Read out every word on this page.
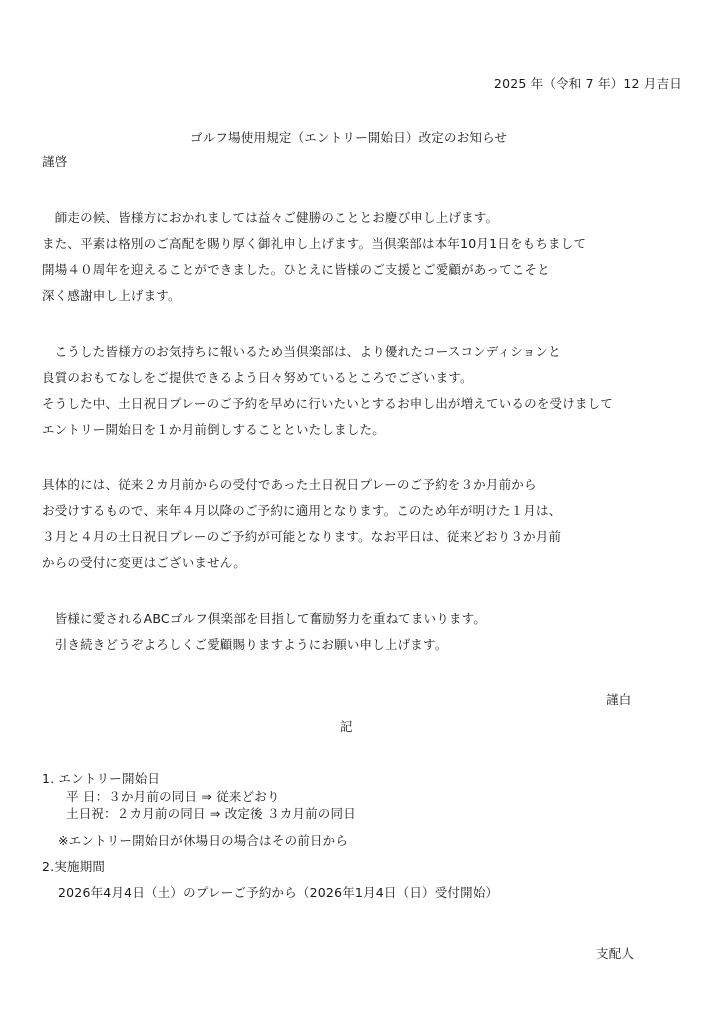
2025 年（令和 7 年）12 月吉日
ゴルフ場使用規定（エントリー開始日）改定のお知らせ
謹啓
　師走の候、皆様方におかれましては益々ご健勝のこととお慶び申し上げます。
また、平素は格別のご高配を賜り厚く御礼申し上げます。当倶楽部は本年10月1日をもちまして
開場４０周年を迎えることができました。ひとえに皆様のご支援とご愛顧があってこそと
深く感謝申し上げます。
　こうした皆様方のお気持ちに報いるため当倶楽部は、より優れたコースコンディションと
良質のおもてなしをご提供できるよう日々努めているところでございます。
そうした中、土日祝日プレーのご予約を早めに行いたいとするお申し出が増えているのを受けまして
エントリー開始日を１か月前倒しすることといたしました。
具体的には、従来２カ月前からの受付であった土日祝日プレーのご予約を３か月前から
お受けするもので、来年４月以降のご予約に適用となります。このため年が明けた１月は、
３月と４月の土日祝日プレーのご予約が可能となります。なお平日は、従来どおり３か月前
からの受付に変更はございません。
　皆様に愛されるABCゴルフ倶楽部を目指して奮励努力を重ねてまいります。
　引き続きどうぞよろしくご愛顧賜りますようにお願い申し上げます。
謹白
記
1. エントリー開始日
平 日：３か月前の同日 ⇒ 従来どおり
土日祝：２カ月前の同日 ⇒ 改定後 ３カ月前の同日
※エントリー開始日が休場日の場合はその前日から
2.実施期間
2026年4月4日（土）のプレーご予約から（2026年1月4日（日）受付開始）
支配人
